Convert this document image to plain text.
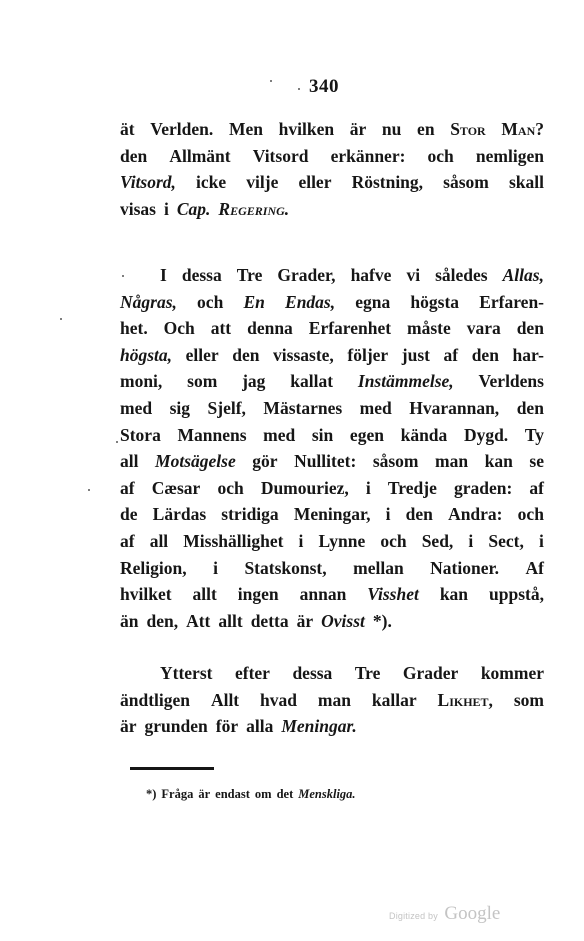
340
ät Verlden. Men hvilken är nu en Stor Man?
den Allmänt Vitsord erkänner: och nemligen
Vitsord, icke vilje eller Röstning, såsom skall
visas i Cap. Regering.
I dessa Tre Grader, hafve vi således Allas,
Någras, och En Endas, egna högsta Erfaren-
het. Och att denna Erfarenhet måste vara den
högsta, eller den vissaste, följer just af den har-
moni, som jag kallat Instämmelse, Verldens
med sig Sjelf, Mästarnes med Hvarannan, den
Stora Mannens med sin egen kända Dygd. Ty
all Motsägelse gör Nullitet: såsom man kan se
af Cæsar och Dumouriez, i Tredje graden: af
de Lärdas stridiga Meningar, i den Andra: och
af all Misshällighet i Lynne och Sed, i Sect, i
Religion, i Statskonst, mellan Nationer. Af
hvilket allt ingen annan Visshet kan uppstå,
än den, Att allt detta är Ovisst *).
Ytterst efter dessa Tre Grader kommer
ändtligen Allt hvad man kallar Likhet, som
är grunden för alla Meningar.
*) Fråga är endast om det Menskliga.
Digitized by Google
